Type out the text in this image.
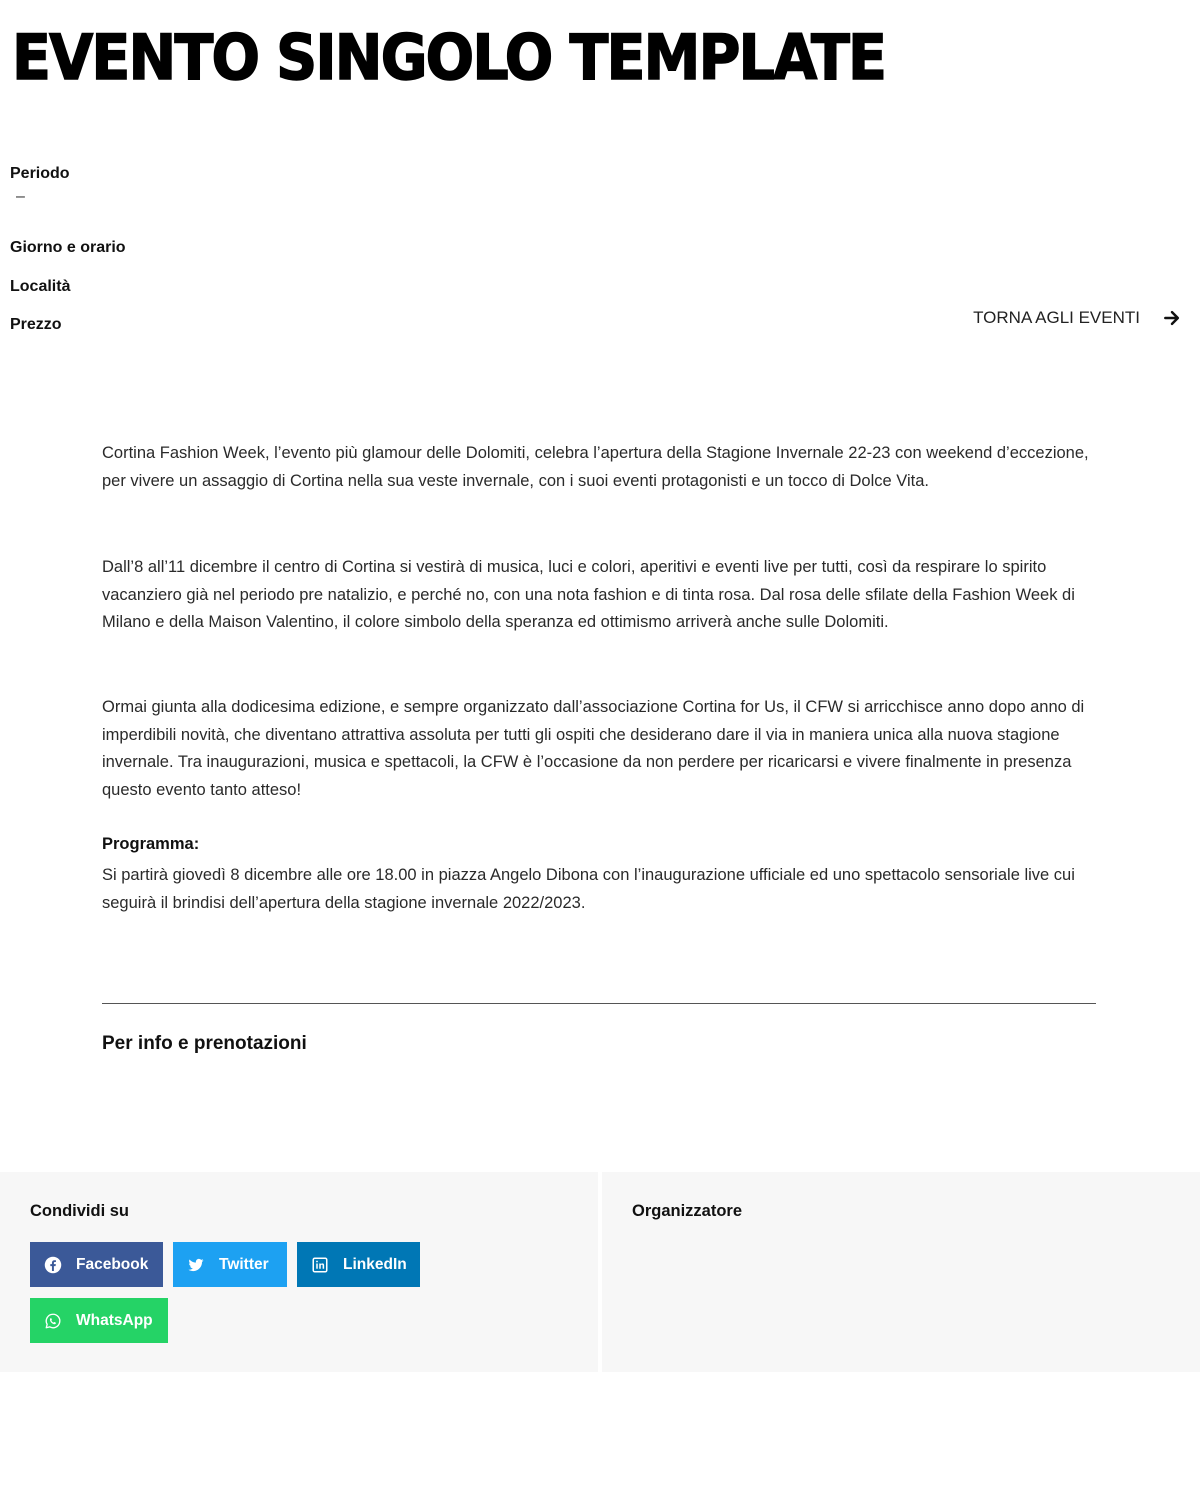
EVENTO SINGOLO TEMPLATE
Periodo
–
Giorno e orario
Località
Prezzo	TORNA AGLI EVENTI

Cortina Fashion Week, l’evento più glamour delle Dolomiti, celebra l’apertura della Stagione Invernale 22-23 con weekend d’eccezione, per vivere un assaggio di Cortina nella sua veste invernale, con i suoi eventi protagonisti e un tocco di Dolce Vita.

Dall’8 all’11 dicembre il centro di Cortina si vestirà di musica, luci e colori, aperitivi e eventi live per tutti, così da respirare lo spirito vacanziero già nel periodo pre natalizio, e perché no, con una nota fashion e di tinta rosa. Dal rosa delle sfilate della Fashion Week di Milano e della Maison Valentino, il colore simbolo della speranza ed ottimismo arriverà anche sulle Dolomiti.

Ormai giunta alla dodicesima edizione, e sempre organizzato dall’associazione Cortina for Us, il CFW si arricchisce anno dopo anno di imperdibili novità, che diventano attrattiva assoluta per tutti gli ospiti che desiderano dare il via in maniera unica alla nuova stagione invernale. Tra inaugurazioni, musica e spettacoli, la CFW è l’occasione da non perdere per ricaricarsi e vivere finalmente in presenza questo evento tanto atteso!

Programma:

Si partirà giovedì 8 dicembre alle ore 18.00 in piazza Angelo Dibona con l’inaugurazione ufficiale ed uno spettacolo sensoriale live cui seguirà il brindisi dell’apertura della stagione invernale 2022/2023.

Per info e prenotazioni
Condividi su
Facebook	Twitter	LinkedIn
WhatsApp
Organizzatore
